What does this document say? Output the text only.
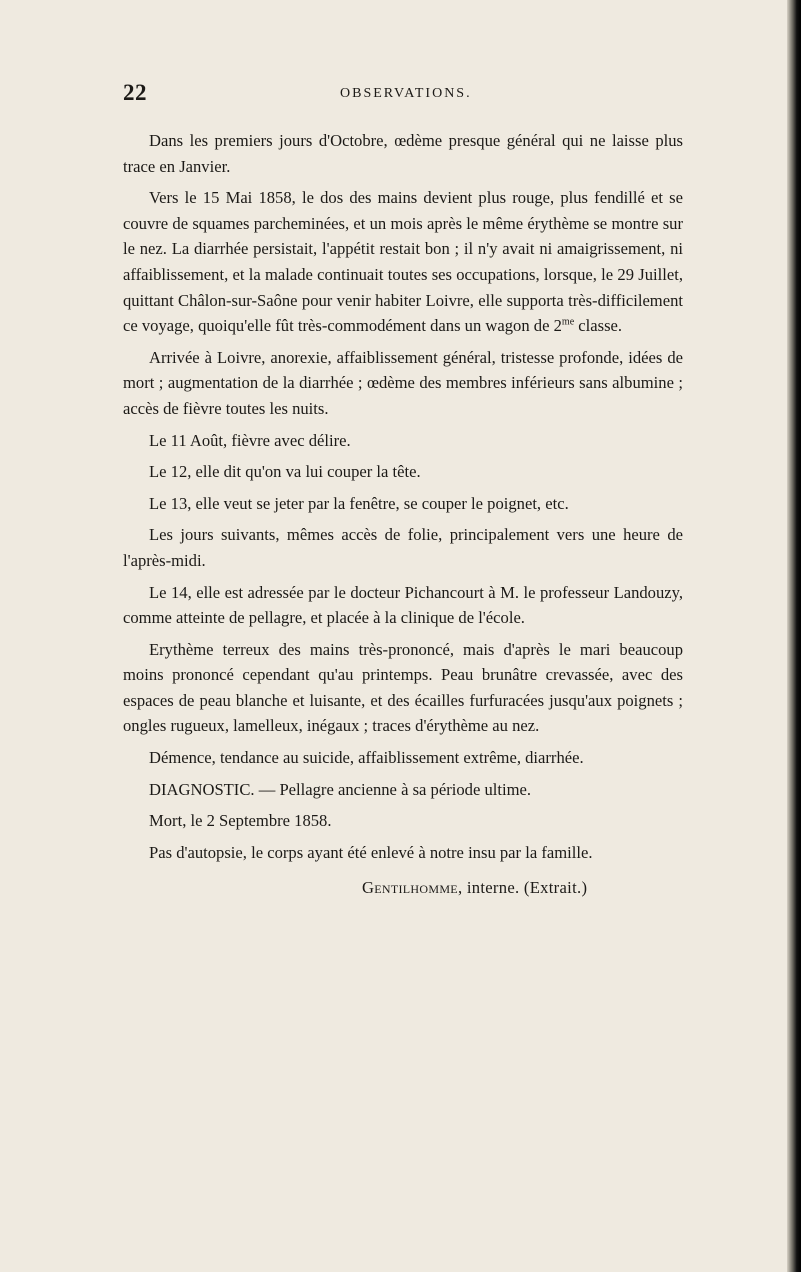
22	OBSERVATIONS.

Dans les premiers jours d'Octobre, œdème presque général qui ne laisse plus trace en Janvier.

Vers le 15 Mai 1858, le dos des mains devient plus rouge, plus fendillé et se couvre de squames parcheminées, et un mois après le même érythème se montre sur le nez. La diarrhée persistait, l'appétit restait bon ; il n'y avait ni amaigrissement, ni affaiblissement, et la malade continuait toutes ses occupations, lorsque, le 29 Juillet, quittant Châlon-sur-Saône pour venir habiter Loivre, elle supporta très-difficilement ce voyage, quoiqu'elle fût très-commodément dans un wagon de $2^{me}$ classe.

Arrivée à Loivre, anorexie, affaiblissement général, tristesse profonde, idées de mort ; augmentation de la diarrhée ; œdème des membres inférieurs sans albumine ; accès de fièvre toutes les nuits.

Le 11 Août, fièvre avec délire.

Le 12, elle dit qu'on va lui couper la tête.

Le 13, elle veut se jeter par la fenêtre, se couper le poignet, etc.

Les jours suivants, mêmes accès de folie, principalement vers une heure de l'après-midi.

Le 14, elle est adressée par le docteur Pichancourt à M. le professeur Landouzy, comme atteinte de pellagre, et placée à la clinique de l'école.

Erythème terreux des mains très-prononcé, mais d'après le mari beaucoup moins prononcé cependant qu'au printemps. Peau brunâtre crevassée, avec des espaces de peau blanche et luisante, et des écailles furfuracées jusqu'aux poignets ; ongles rugueux, lamelleux, inégaux ; traces d'érythème au nez.

Démence, tendance au suicide, affaiblissement extrême, diarrhée.

DIAGNOSTIC. — Pellagre ancienne à sa période ultime.

Mort, le 2 Septembre 1858.

Pas d'autopsie, le corps ayant été enlevé à notre insu par la famille.

Gentilhomme, interne. (Extrait.)
